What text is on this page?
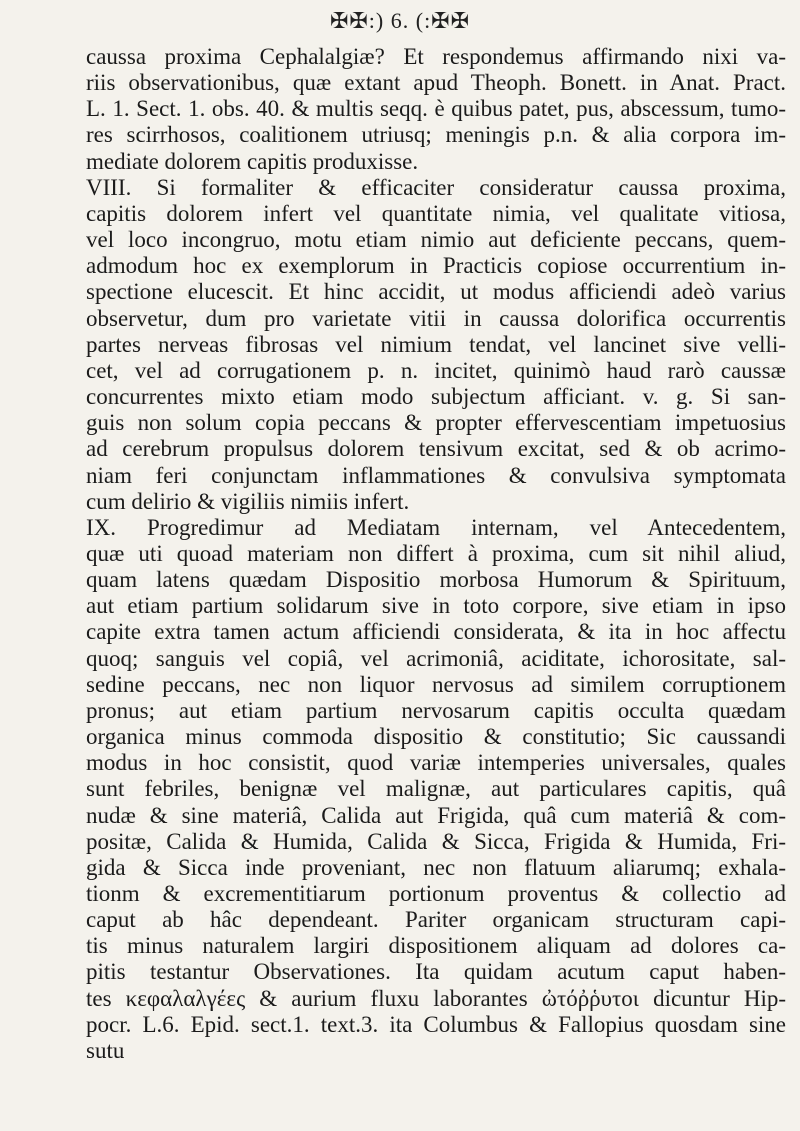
✠✠:) 6. (:✠✠
caussa proxima Cephalalgiæ? Et respondemus affirmando nixi va-
riis observationibus, quæ extant apud Theoph. Bonett. in Anat. Pract.
L. 1. Sect. 1. obs. 40. & multis seqq. è quibus patet, pus, abscessum, tumo-
res scirrhosos, coalitionem utriusq; meningis p.n. & alia corpora im-
mediate dolorem capitis produxisse.
VIII. Si formaliter & efficaciter consideratur caussa proxima,
capitis dolorem infert vel quantitate nimia, vel qualitate vitiosa,
vel loco incongruo, motu etiam nimio aut deficiente peccans, quem-
admodum hoc ex exemplorum in Practicis copiose occurrentium in-
spectione elucescit. Et hinc accidit, ut modus afficiendi adeò varius
observetur, dum pro varietate vitii in caussa dolorifica occurrentis
partes nerveas fibrosas vel nimium tendat, vel lancinet sive velli-
cet, vel ad corrugationem p. n. incitet, quinimò haud rarò caussæ
concurrentes mixto etiam modo subjectum afficiant. v. g. Si san-
guis non solum copia peccans & propter effervescentiam impetuosius
ad cerebrum propulsus dolorem tensivum excitat, sed & ob acrimo-
niam feri conjunctam inflammationes & convulsiva symptomata
cum delirio & vigiliis nimiis infert.
IX. Progredimur ad Mediatam internam, vel Antecedentem,
quæ uti quoad materiam non differt à proxima, cum sit nihil aliud,
quam latens quædam Dispositio morbosa Humorum & Spirituum,
aut etiam partium solidarum sive in toto corpore, sive etiam in ipso
capite extra tamen actum afficiendi considerata, & ita in hoc affectu
quoq; sanguis vel copiâ, vel acrimoniâ, aciditate, ichorositate, sal-
sedine peccans, nec non liquor nervosus ad similem corruptionem
pronus; aut etiam partium nervosarum capitis occulta quædam
organica minus commoda dispositio & constitutio; Sic caussandi
modus in hoc consistit, quod variæ intemperies universales, quales
sunt febriles, benignæ vel malignæ, aut particulares capitis, quâ
nudæ & sine materiâ, Calida aut Frigida, quâ cum materiâ & com-
positæ, Calida & Humida, Calida & Sicca, Frigida & Humida, Fri-
gida & Sicca inde proveniant, nec non flatuum aliarumq; exhala-
tionm & excrementitiarum portionum proventus & collectio ad
caput ab hâc dependeant. Pariter organicam structuram capi-
tis minus naturalem largiri dispositionem aliquam ad dolores ca-
pitis testantur Observationes. Ita quidam acutum caput haben-
tes κεφαλαλγέες & aurium fluxu laborantes ὠτόῤῥυτοι dicuntur Hip-
pocr. L.6. Epid. sect.1. text.3. ita Columbus & Fallopius quosdam sine
sutu
